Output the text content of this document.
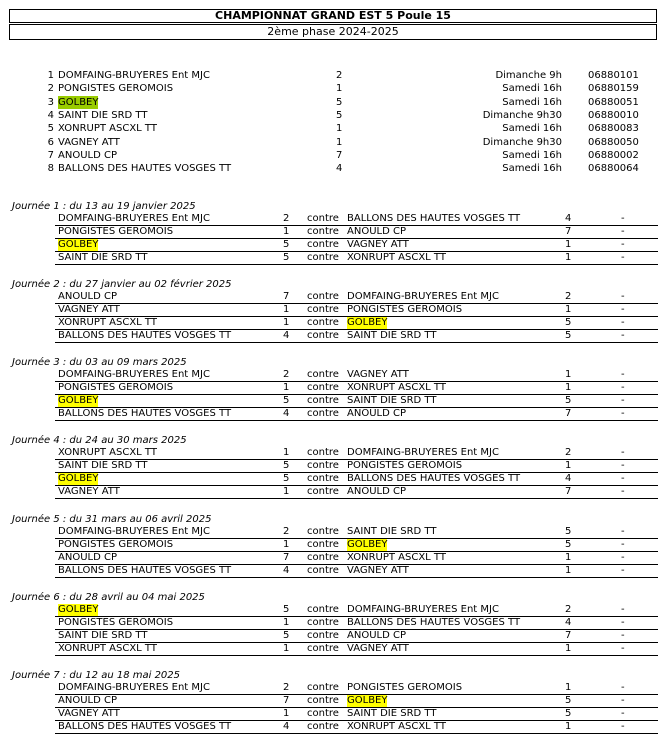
CHAMPIONNAT GRAND EST 5 Poule 15
2ème phase 2024-2025
1 DOMFAING-BRUYERES Ent MJC	2	Dimanche 9h	06880101
2 PONGISTES GEROMOIS	1	Samedi 16h	06880159
3 GOLBEY	5	Samedi 16h	06880051
4 SAINT DIE SRD TT	5	Dimanche 9h30	06880010
5 XONRUPT ASCXL TT	1	Samedi 16h	06880083
6 VAGNEY ATT	1	Dimanche 9h30	06880050
7 ANOULD CP	7	Samedi 16h	06880002
8 BALLONS DES HAUTES VOSGES TT	4	Samedi 16h	06880064
Journée 1 : du 13 au 19 janvier 2025
DOMFAING-BRUYERES Ent MJC	2 contre BALLONS DES HAUTES VOSGES TT	4	-
PONGISTES GEROMOIS	1 contre ANOULD CP	7	-
GOLBEY	5 contre VAGNEY ATT	1	-
SAINT DIE SRD TT	5 contre XONRUPT ASCXL TT	1	-
Journée 2 : du 27 janvier au 02 février 2025
ANOULD CP	7 contre DOMFAING-BRUYERES Ent MJC	2	-
VAGNEY ATT	1 contre PONGISTES GEROMOIS	1	-
XONRUPT ASCXL TT	1 contre GOLBEY	5	-
BALLONS DES HAUTES VOSGES TT	4 contre SAINT DIE SRD TT	5	-
Journée 3 : du 03 au 09 mars 2025
DOMFAING-BRUYERES Ent MJC	2 contre VAGNEY ATT	1	-
PONGISTES GEROMOIS	1 contre XONRUPT ASCXL TT	1	-
GOLBEY	5 contre SAINT DIE SRD TT	5	-
BALLONS DES HAUTES VOSGES TT	4 contre ANOULD CP	7	-
Journée 4 : du 24 au 30 mars 2025
XONRUPT ASCXL TT	1 contre DOMFAING-BRUYERES Ent MJC	2	-
SAINT DIE SRD TT	5 contre PONGISTES GEROMOIS	1	-
GOLBEY	5 contre BALLONS DES HAUTES VOSGES TT	4	-
VAGNEY ATT	1 contre ANOULD CP	7	-
Journée 5 : du 31 mars au 06 avril 2025
DOMFAING-BRUYERES Ent MJC	2 contre SAINT DIE SRD TT	5	-
PONGISTES GEROMOIS	1 contre GOLBEY	5	-
ANOULD CP	7 contre XONRUPT ASCXL TT	1	-
BALLONS DES HAUTES VOSGES TT	4 contre VAGNEY ATT	1	-
Journée 6 : du 28 avril au 04 mai 2025
GOLBEY	5 contre DOMFAING-BRUYERES Ent MJC	2	-
PONGISTES GEROMOIS	1 contre BALLONS DES HAUTES VOSGES TT	4	-
SAINT DIE SRD TT	5 contre ANOULD CP	7	-
XONRUPT ASCXL TT	1 contre VAGNEY ATT	1	-
Journée 7 : du 12 au 18 mai 2025
DOMFAING-BRUYERES Ent MJC	2 contre PONGISTES GEROMOIS	1	-
ANOULD CP	7 contre GOLBEY	5	-
VAGNEY ATT	1 contre SAINT DIE SRD TT	5	-
BALLONS DES HAUTES VOSGES TT	4 contre XONRUPT ASCXL TT	1	-
